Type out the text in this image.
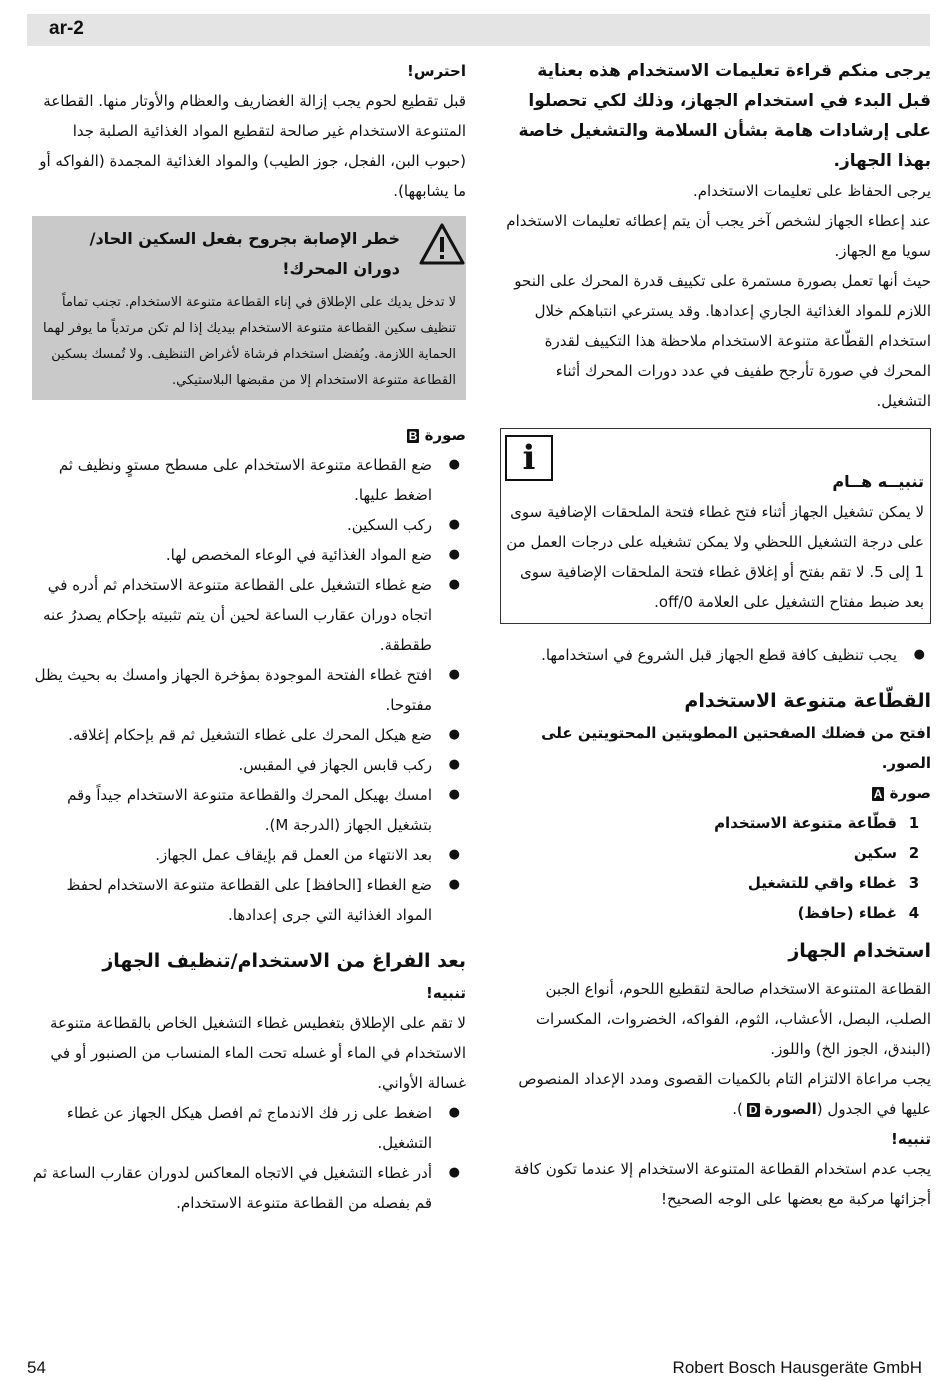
ar-2

يرجى منكم قراءة تعليمات الاستخدام هذه بعناية قبل البدء في استخدام الجهاز، وذلك لكي تحصلوا على إرشادات هامة بشأن السلامة والتشغيل خاصة بهذا الجهاز.

يرجى الحفاظ على تعليمات الاستخدام.

عند إعطاء الجهاز لشخص آخر يجب أن يتم إعطائه تعليمات الاستخدام سويا مع الجهاز.

حيث أنها تعمل بصورة مستمرة على تكييف قدرة المحرك على النحو اللازم للمواد الغذائية الجاري إعدادها. وقد يسترعي انتباهكم خلال استخدام القطّاعة متنوعة الاستخدام ملاحظة هذا التكييف لقدرة المحرك في صورة تأرجح طفيف في عدد دورات المحرك أثناء التشغيل.

i

تنبيــه هــام

لا يمكن تشغيل الجهاز أثناء فتح غطاء فتحة الملحقات الإضافية سوى على درجة التشغيل اللحظي ولا يمكن تشغيله على درجات العمل من 1 إلى 5. لا تقم بفتح أو إغلاق غطاء فتحة الملحقات الإضافية سوى بعد ضبط مفتاح التشغيل على العلامة off/0.

●
يجب تنظيف كافة قطع الجهاز قبل الشروع في استخدامها.

القطّاعة متنوعة الاستخدام

افتح من فضلك الصفحتين المطويتين المحتويتين على الصور.

صورة A

1
قطّاعة متنوعة الاستخدام
2
سكين
3
غطاء واقي للتشغيل
4
غطاء (حافظ)

استخدام الجهاز

القطاعة المتنوعة الاستخدام صالحة لتقطيع اللحوم، أنواع الجبن الصلب، البصل، الأعشاب، الثوم، الفواكه، الخضروات، المكسرات (البندق، الجوز الخ) واللوز.

يجب مراعاة الالتزام التام بالكميات القصوى ومدد الإعداد المنصوص عليها في الجدول (الصورة D).

تنبيه!

يجب عدم استخدام القطاعة المتنوعة الاستخدام إلا عندما تكون كافة أجزائها مركبة مع بعضها على الوجه الصحيح!

احترس!

قبل تقطيع لحوم يجب إزالة الغضاريف والعظام والأوتار منها. القطاعة المتنوعة الاستخدام غير صالحة لتقطيع المواد الغذائية الصلبة جدا (حبوب البن، الفجل، جوز الطيب) والمواد الغذائية المجمدة (الفواكه أو ما يشابهها).

خطر الإصابة بجروح بفعل السكين الحاد/ دوران المحرك!

لا تدخل يديك على الإطلاق في إناء القطاعة متنوعة الاستخدام. تجنب تماماً تنظيف سكين القطاعة متنوعة الاستخدام بيديك إذا لم تكن مرتدياً ما يوفر لهما الحماية اللازمة. ويُفضل استخدام فرشاة لأغراض التنظيف. ولا تُمسك بسكين القطاعة متنوعة الاستخدام إلا من مقبضها البلاستيكي.

صورة B

●
ضع القطاعة متنوعة الاستخدام على مسطح مستوٍ ونظيف ثم اضغط عليها.
●
ركب السكين.
●
ضع المواد الغذائية في الوعاء المخصص لها.
●
ضع غطاء التشغيل على القطاعة متنوعة الاستخدام ثم أدره في اتجاه دوران عقارب الساعة لحين أن يتم تثبيته بإحكام يصدرُ عنه طقطقة.
●
افتح غطاء الفتحة الموجودة بمؤخرة الجهاز وامسك به بحيث يظل مفتوحا.
●
ضع هيكل المحرك على غطاء التشغيل ثم قم بإحكام إغلاقه.
●
ركب قابس الجهاز في المقبس.
●
امسك بهيكل المحرك والقطاعة متنوعة الاستخدام جيداً وقم بتشغيل الجهاز (الدرجة M).
●
بعد الانتهاء من العمل قم بإيقاف عمل الجهاز.
●
ضع الغطاء [الحافظ] على القطاعة متنوعة الاستخدام لحفظ المواد الغذائية التي جرى إعدادها.

بعد الفراغ من الاستخدام/تنظيف الجهاز

تنبيه!

لا تقم على الإطلاق بتغطيس غطاء التشغيل الخاص بالقطاعة متنوعة الاستخدام في الماء أو غسله تحت الماء المنساب من الصنبور أو في غسالة الأواني.

●
اضغط على زر فك الاندماج ثم افصل هيكل الجهاز عن غطاء التشغيل.
●
أدر غطاء التشغيل في الاتجاه المعاكس لدوران عقارب الساعة ثم قم بفصله من القطاعة متنوعة الاستخدام.
54	Robert Bosch Hausgeräte GmbH
